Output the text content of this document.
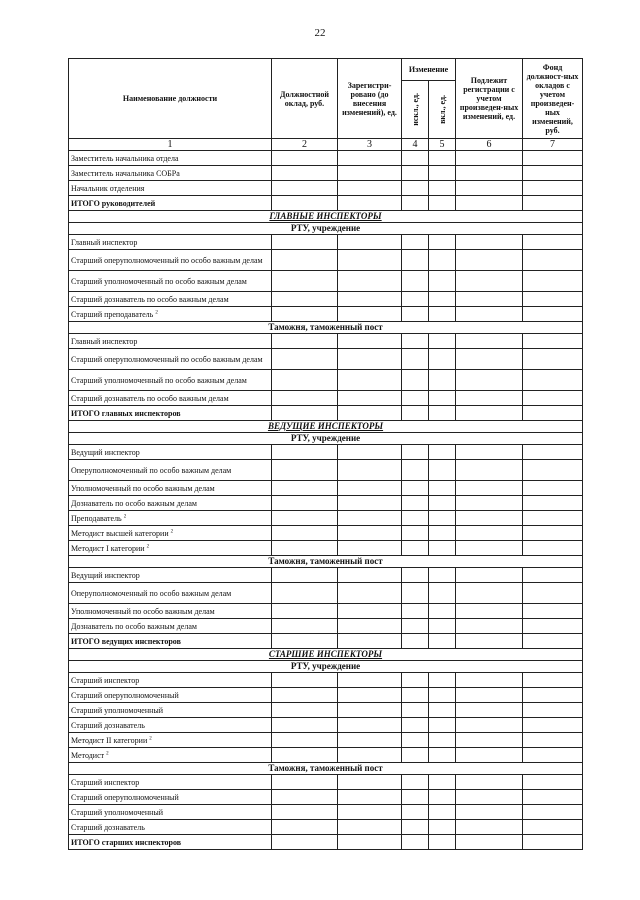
22
Наименование должности	Должностной оклад, руб.	Зарегистри-ровано (до внесения изменений), ед.	Изменение		Подлежит регистрации с учетом произведен-ных изменений, ед.	Фонд должност-ных окладов с учетом произведен-ных изменений, руб.

			искл., ед.	вкл., ед.		

1	2	3	4	5	6	7
Заместитель начальника отдела						
Заместитель начальника СОБРа						
Начальник отделения						
ИТОГО руководителей						
ГЛАВНЫЕ ИНСПЕКТОРЫ						
РТУ, учреждение						
Главный инспектор						
Старший оперуполномоченный по особо важным делам						
Старший уполномоченный по особо важным делам						
Старший дознаватель по особо важным делам						
Старший преподаватель $^2$						
Таможня, таможенный пост						
Главный инспектор						
Старший оперуполномоченный по особо важным делам						
Старший уполномоченный по особо важным делам						
Старший дознаватель по особо важным делам						
ИТОГО главных инспекторов						
ВЕДУЩИЕ ИНСПЕКТОРЫ						
РТУ, учреждение						
Ведущий инспектор						
Оперуполномоченный по особо важным делам						
Уполномоченный по особо важным делам						
Дознаватель по особо важным делам						
Преподаватель $^2$						
Методист высшей категории $^2$						
Методист I категории $^2$						
Таможня, таможенный пост						
Ведущий инспектор						
Оперуполномоченный по особо важным делам						
Уполномоченный по особо важным делам						
Дознаватель по особо важным делам						
ИТОГО ведущих инспекторов						
СТАРШИЕ ИНСПЕКТОРЫ						
РТУ, учреждение						
Старший инспектор						
Старший оперуполномоченный						
Старший уполномоченный						
Старший дознаватель						
Методист II категории $^2$						
Методист $^2$						
Таможня, таможенный пост						
Старший инспектор						
Старший оперуполномоченный						
Старший уполномоченный						
Старший дознаватель						
ИТОГО старших инспекторов						
